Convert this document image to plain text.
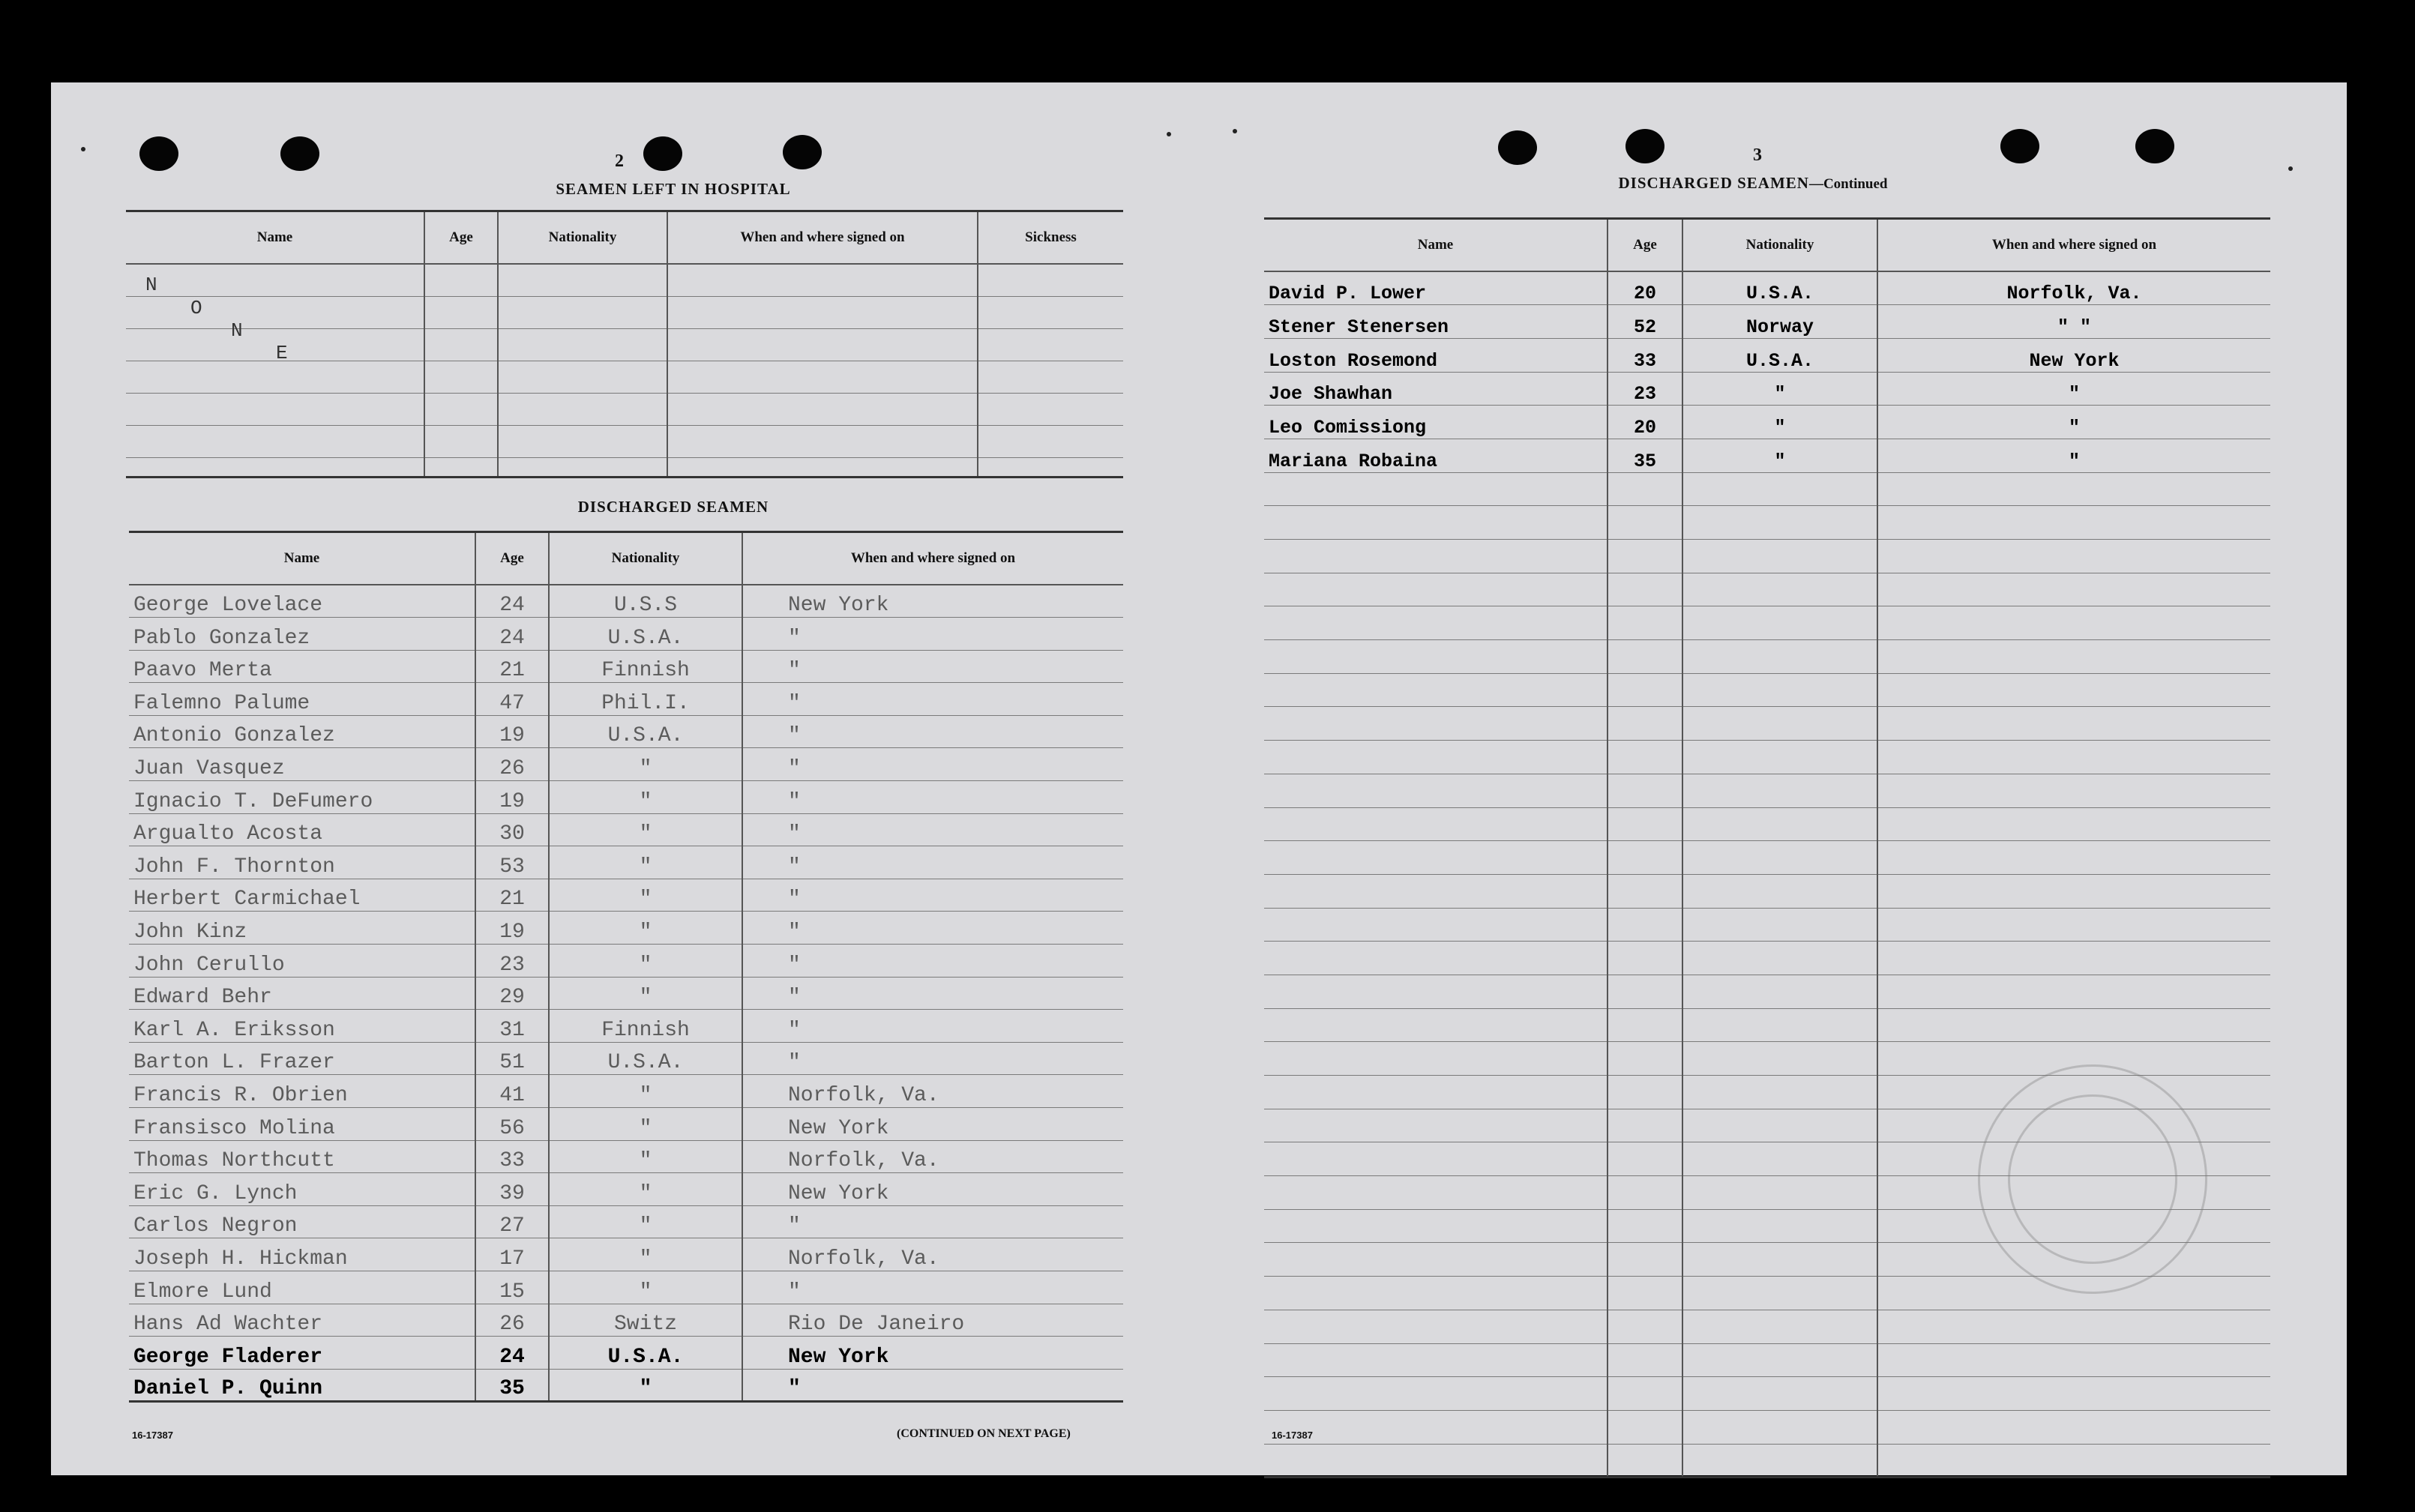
2
SEAMEN LEFT IN HOSPITAL
Name	Age	Nationality	When and where signed on	Sickness

N
O
N
E
DISCHARGED SEAMEN
Name	Age	Nationality	When and where signed on
George Lovelace	24	U.S.S	New York
Pablo Gonzalez	24	U.S.A.	"
Paavo Merta	21	Finnish	"
Falemno Palume	47	Phil.I.	"
Antonio Gonzalez	19	U.S.A.	"
Juan Vasquez	26	"	"
Ignacio T. DeFumero	19	"	"
Argualto Acosta	30	"	"
John F. Thornton	53	"	"
Herbert Carmichael	21	"	"
John Kinz	19	"	"
John Cerullo	23	"	"
Edward Behr	29	"	"
Karl A. Eriksson	31	Finnish	"
Barton L. Frazer	51	U.S.A.	"
Francis R. Obrien	41	"	Norfolk, Va.
Fransisco Molina	56	"	New York
Thomas Northcutt	33	"	Norfolk, Va.
Eric G. Lynch	39	"	New York
Carlos Negron	27	"	"
Joseph H. Hickman	17	"	Norfolk, Va.
Elmore Lund	15	"	"
Hans Ad Wachter	26	Switz	Rio De Janeiro
George Fladerer	24	U.S.A.	New York
Daniel P. Quinn	35	"	"
16-17387	(CONTINUED ON NEXT PAGE)
3
DISCHARGED SEAMEN—Continued
Name	Age	Nationality	When and where signed on
David P. Lower	20	U.S.A.	Norfolk, Va.
Stener Stenersen	52	Norway	" "
Loston Rosemond	33	U.S.A.	New York
Joe Shawhan	23	"	"
Leo Comissiong	20	"	"
Mariana Robaina	35	"	"

16-17387
